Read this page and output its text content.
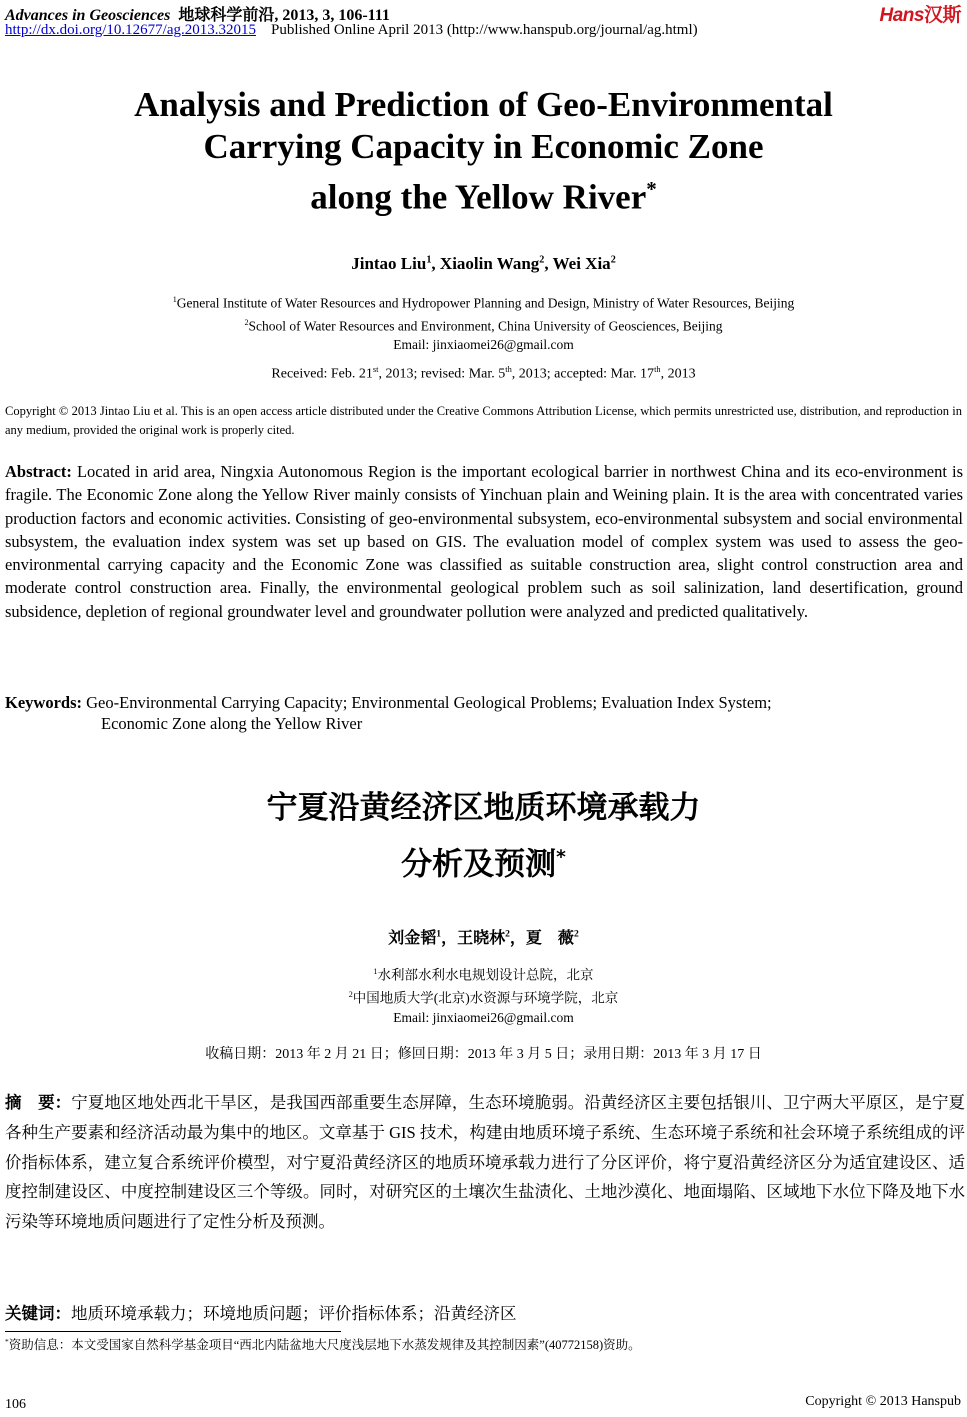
Advances in Geosciences 地球科学前沿, 2013, 3, 106-111
http://dx.doi.org/10.12677/ag.2013.32015 Published Online April 2013 (http://www.hanspub.org/journal/ag.html)
Hans汉斯
Analysis and Prediction of Geo-Environmental
Carrying Capacity in Economic Zone
along the Yellow River*
Jintao Liu$^1$, Xiaolin Wang$^2$, Wei Xia$^2$
$^1$General Institute of Water Resources and Hydropower Planning and Design, Ministry of Water Resources, Beijing
$^2$School of Water Resources and Environment, China University of Geosciences, Beijing
Email: jinxiaomei26@gmail.com
Received: Feb. 21st, 2013; revised: Mar. 5th, 2013; accepted: Mar. 17th, 2013
Copyright © 2013 Jintao Liu et al. This is an open access article distributed under the Creative Commons Attribution License, which permits unrestricted use, distribution, and reproduction in any medium, provided the original work is properly cited.
Abstract: Located in arid area, Ningxia Autonomous Region is the important ecological barrier in northwest China and its eco-environment is fragile. The Economic Zone along the Yellow River mainly consists of Yinchuan plain and Weining plain. It is the area with concentrated varies production factors and economic activities. Consisting of geo-environmental subsystem, eco-environmental subsystem and social environmental subsystem, the evaluation index system was set up based on GIS. The evaluation model of complex system was used to assess the geo-environmental carrying capacity and the Economic Zone was classified as suitable construction area, slight control construction area and moderate control construction area. Finally, the environmental geological problem such as soil salinization, land desertification, ground subsidence, depletion of regional groundwater level and groundwater pollution were analyzed and predicted qualitatively.
Keywords: Geo-Environmental Carrying Capacity; Environmental Geological Problems; Evaluation Index System;
Economic Zone along the Yellow River
宁夏沿黄经济区地质环境承载力
分析及预测*
刘金韬$^1$，王晓林$^2$，夏　薇$^2$
$^1$水利部水利水电规划设计总院，北京
$^2$中国地质大学(北京)水资源与环境学院，北京
Email: jinxiaomei26@gmail.com
收稿日期：2013 年 2 月 21 日；修回日期：2013 年 3 月 5 日；录用日期：2013 年 3 月 17 日
摘　要：宁夏地区地处西北干旱区，是我国西部重要生态屏障，生态环境脆弱。沿黄经济区主要包括银川、卫宁两大平原区，是宁夏各种生产要素和经济活动最为集中的地区。文章基于 GIS 技术，构建由地质环境子系统、生态环境子系统和社会环境子系统组成的评价指标体系，建立复合系统评价模型，对宁夏沿黄经济区的地质环境承载力进行了分区评价，将宁夏沿黄经济区分为适宜建设区、适度控制建设区、中度控制建设区三个等级。同时，对研究区的土壤次生盐渍化、土地沙漠化、地面塌陷、区域地下水位下降及地下水污染等环境地质问题进行了定性分析及预测。
关键词：地质环境承载力；环境地质问题；评价指标体系；沿黄经济区
*资助信息：本文受国家自然科学基金项目“西北内陆盆地大尺度浅层地下水蒸发规律及其控制因素”(40772158)资助。
106	Copyright © 2013 Hanspub
